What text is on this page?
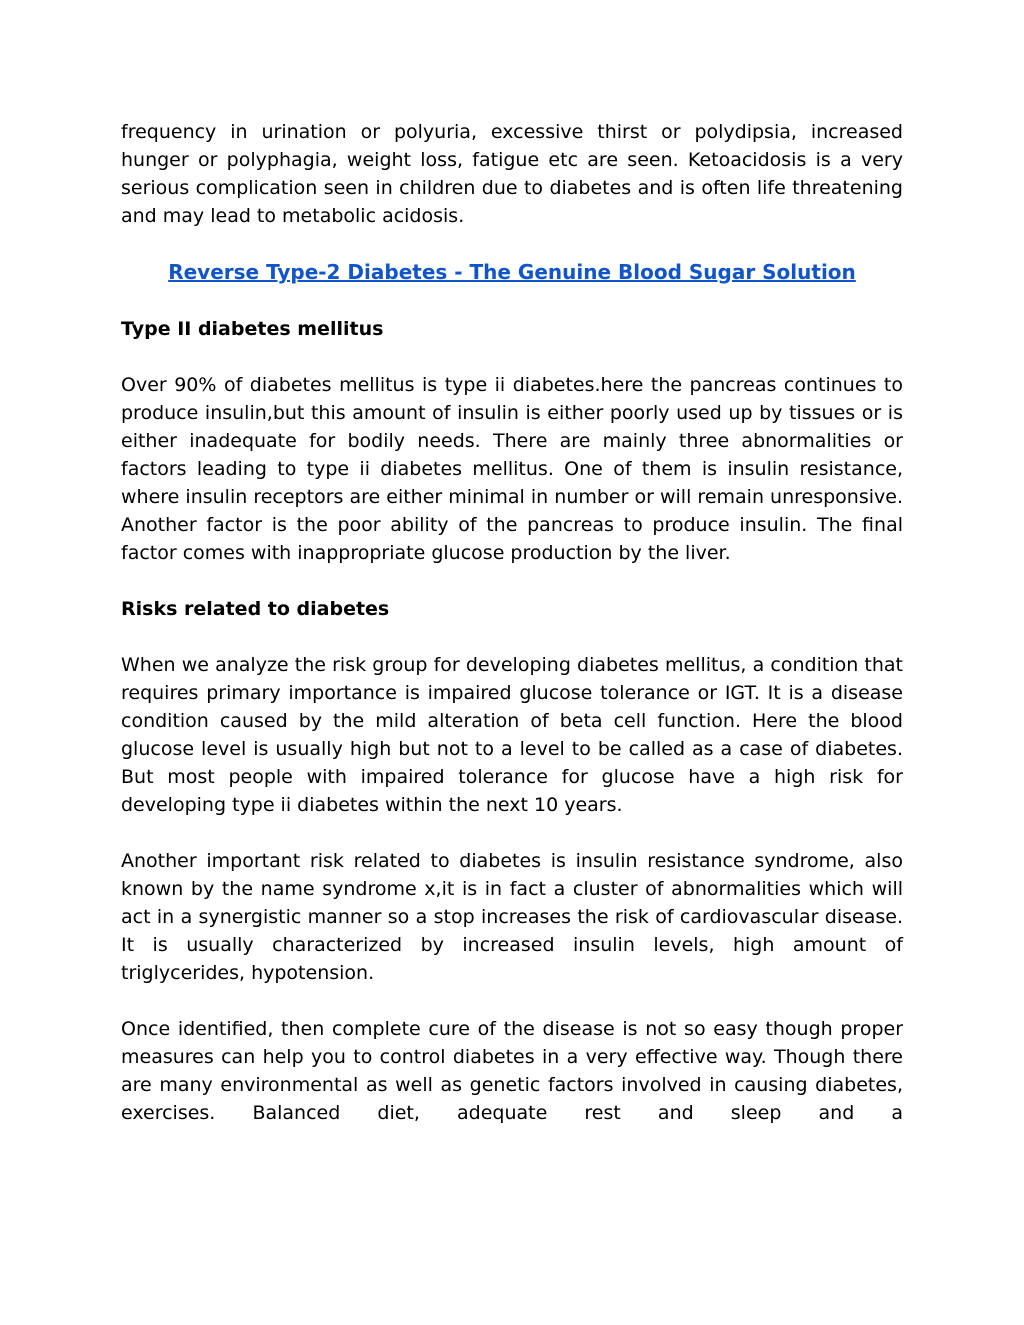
frequency in urination or polyuria, excessive thirst or polydipsia, increased hunger or polyphagia, weight loss, fatigue etc are seen. Ketoacidosis is a very serious complication seen in children due to diabetes and is often life threatening and may lead to metabolic acidosis.

Reverse Type-2 Diabetes - The Genuine Blood Sugar Solution

Type II diabetes mellitus

Over 90% of diabetes mellitus is type ii diabetes.here the pancreas continues to produce insulin,but this amount of insulin is either poorly used up by tissues or is either inadequate for bodily needs. There are mainly three abnormalities or factors leading to type ii diabetes mellitus. One of them is insulin resistance, where insulin receptors are either minimal in number or will remain unresponsive. Another factor is the poor ability of the pancreas to produce insulin. The final factor comes with inappropriate glucose production by the liver.

Risks related to diabetes

When we analyze the risk group for developing diabetes mellitus, a condition that requires primary importance is impaired glucose tolerance or IGT. It is a disease condition caused by the mild alteration of beta cell function. Here the blood glucose level is usually high but not to a level to be called as a case of diabetes. But most people with impaired tolerance for glucose have a high risk for developing type ii diabetes within the next 10 years.

Another important risk related to diabetes is insulin resistance syndrome, also known by the name syndrome x,it is in fact a cluster of abnormalities which will act in a synergistic manner so a stop increases the risk of cardiovascular disease. It is usually characterized by increased insulin levels, high amount of triglycerides, hypotension.

Once identified, then complete cure of the disease is not so easy though proper measures can help you to control diabetes in a very effective way. Though there are many environmental as well as genetic factors involved in causing diabetes, exercises. Balanced diet, adequate rest and sleep and a
